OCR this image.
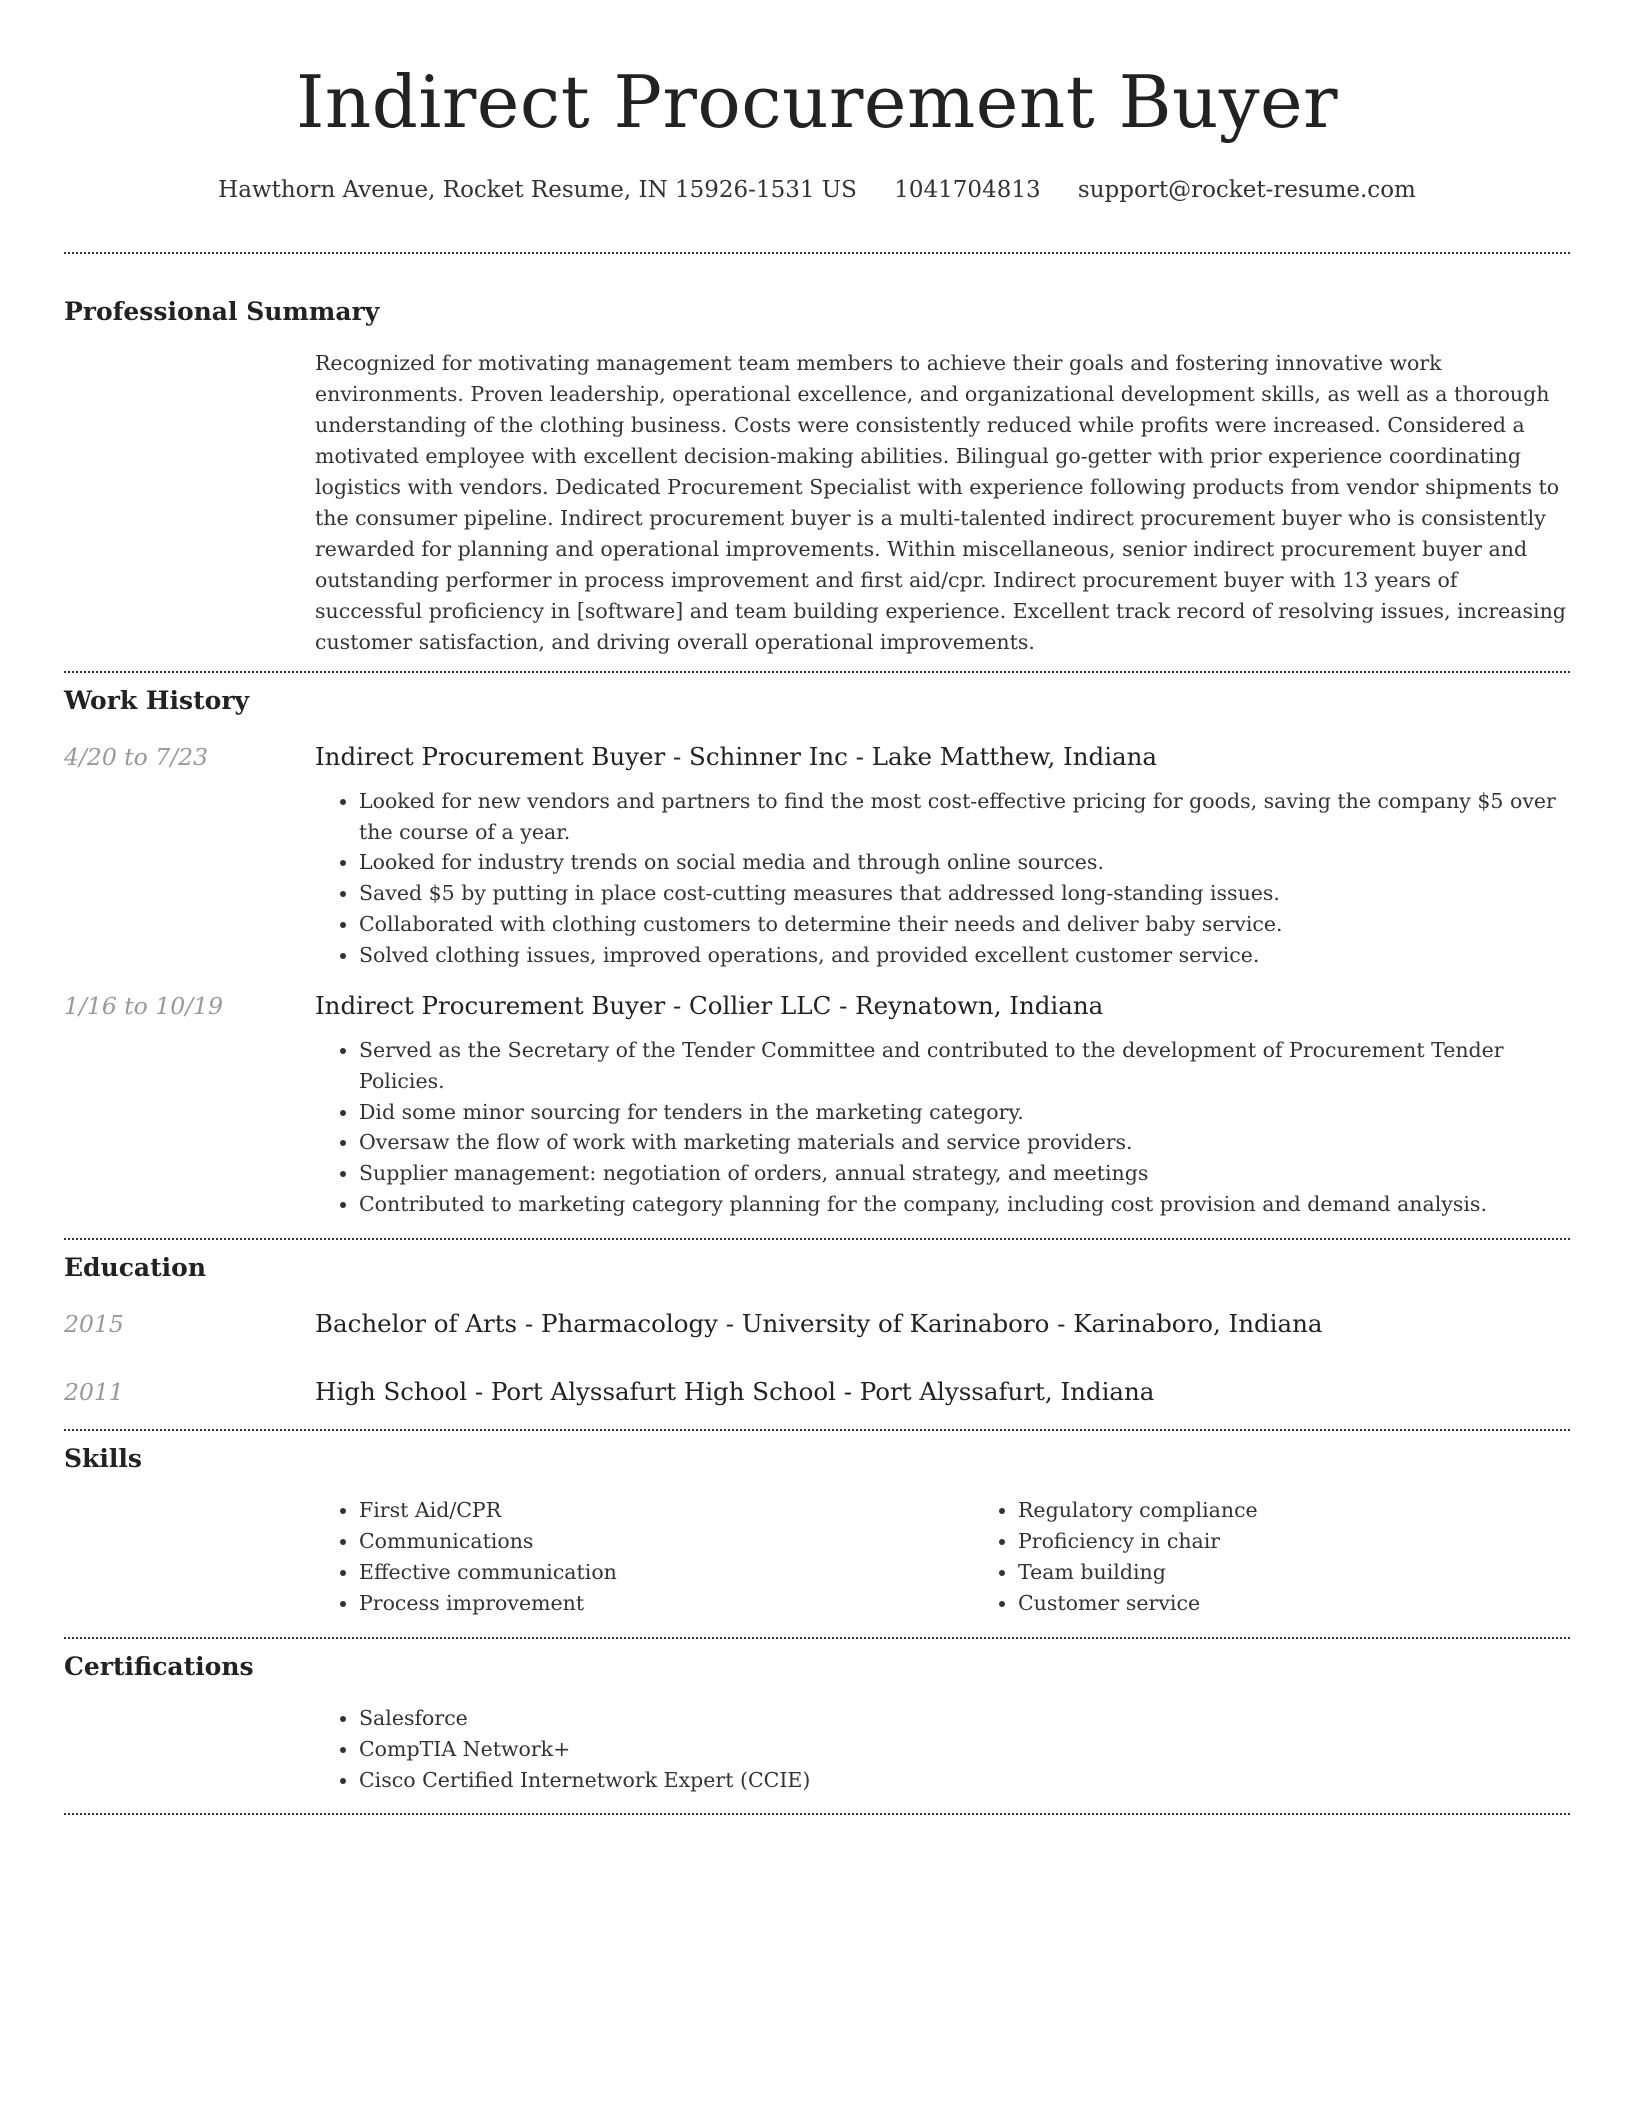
Indirect Procurement Buyer
Hawthorn Avenue, Rocket Resume, IN 15926-1531 US 1041704813 support@rocket-resume.com
Professional Summary

Recognized for motivating management team members to achieve their goals and fostering innovative work environments. Proven leadership, operational excellence, and organizational development skills, as well as a thorough understanding of the clothing business. Costs were consistently reduced while profits were increased. Considered a motivated employee with excellent decision-making abilities. Bilingual go-getter with prior experience coordinating logistics with vendors. Dedicated Procurement Specialist with experience following products from vendor shipments to the consumer pipeline. Indirect procurement buyer is a multi-talented indirect procurement buyer who is consistently rewarded for planning and operational improvements. Within miscellaneous, senior indirect procurement buyer and outstanding performer in process improvement and first aid/cpr. Indirect procurement buyer with 13 years of successful proficiency in [software] and team building experience. Excellent track record of resolving issues, increasing customer satisfaction, and driving overall operational improvements.

Work History
4/20 to 7/23	Indirect Procurement Buyer - Schinner Inc - Lake Matthew, Indiana
• Looked for new vendors and partners to find the most cost-effective pricing for goods, saving the company $5 over the course of a year.
• Looked for industry trends on social media and through online sources.
• Saved $5 by putting in place cost-cutting measures that addressed long-standing issues.
• Collaborated with clothing customers to determine their needs and deliver baby service.
• Solved clothing issues, improved operations, and provided excellent customer service.
1/16 to 10/19	Indirect Procurement Buyer - Collier LLC - Reynatown, Indiana
• Served as the Secretary of the Tender Committee and contributed to the development of Procurement Tender Policies.
• Did some minor sourcing for tenders in the marketing category.
• Oversaw the flow of work with marketing materials and service providers.
• Supplier management: negotiation of orders, annual strategy, and meetings
• Contributed to marketing category planning for the company, including cost provision and demand analysis.
Education
2015	Bachelor of Arts - Pharmacology - University of Karinaboro - Karinaboro, Indiana
2011	High School - Port Alyssafurt High School - Port Alyssafurt, Indiana
Skills
• First Aid/CPR
• Communications
• Effective communication
• Process improvement
• Regulatory compliance
• Proficiency in chair
• Team building
• Customer service
Certifications
• Salesforce
• CompTIA Network+
• Cisco Certified Internetwork Expert (CCIE)
